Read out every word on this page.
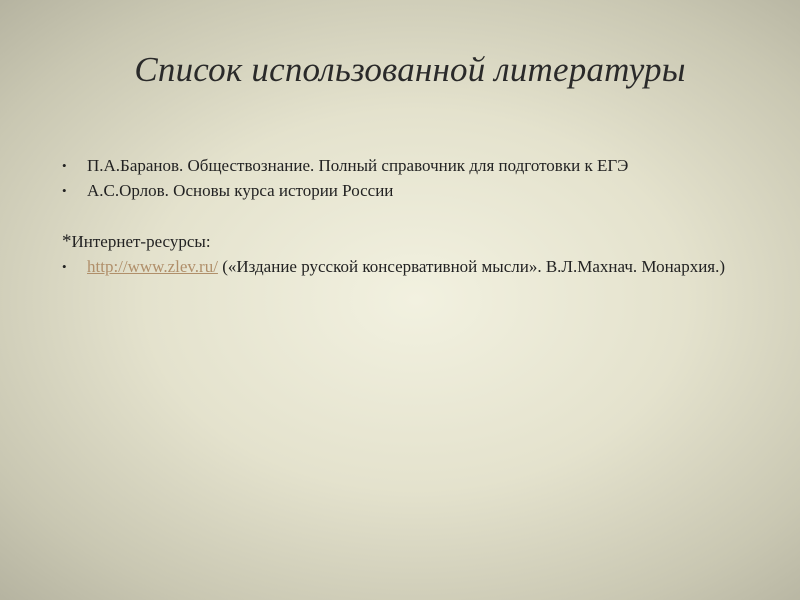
Список использованной литературы
•	П.А.Баранов. Обществознание. Полный справочник для подготовки к ЕГЭ
•	А.С.Орлов. Основы курса истории России

*Интернет-ресурсы:

•	http://www.zlev.ru/ («Издание русской консервативной мысли». В.Л.Махнач. Монархия.)
